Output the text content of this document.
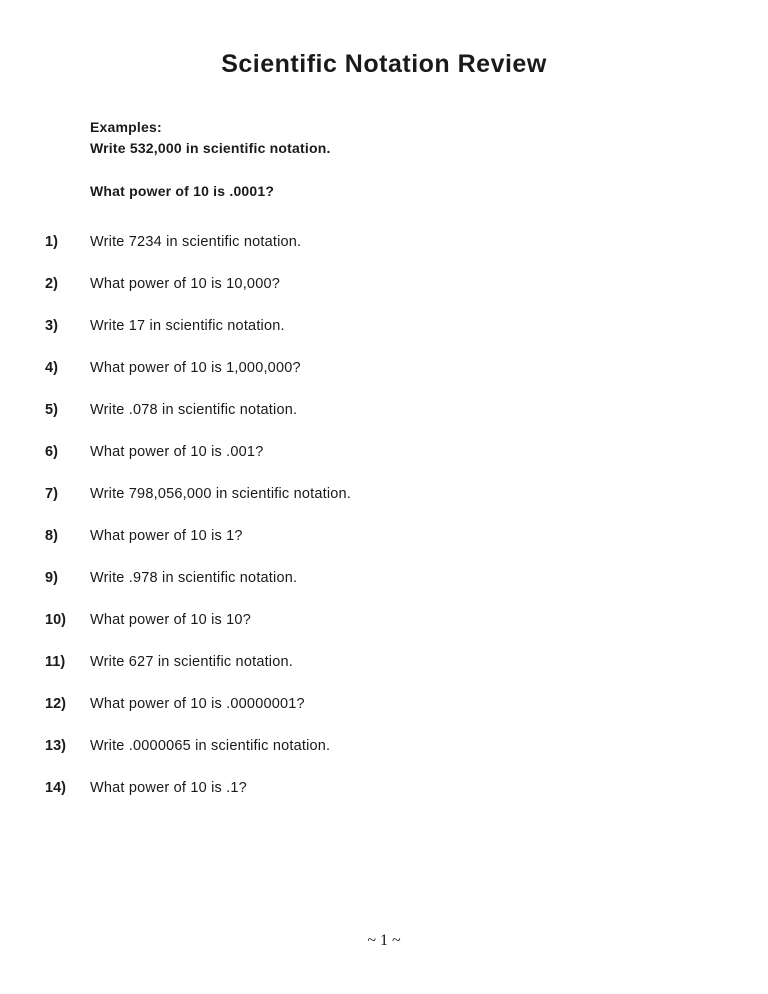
Scientific Notation Review
Examples:
Write 532,000 in scientific notation.
What power of 10 is .0001?
1)	Write 7234 in scientific notation.
2)	What power of 10 is 10,000?
3)	Write 17 in scientific notation.
4)	What power of 10 is 1,000,000?
5)	Write .078 in scientific notation.
6)	What power of 10 is .001?
7)	Write 798,056,000 in scientific notation.
8)	What power of 10 is 1?
9)	Write .978 in scientific notation.
10)	What power of 10 is 10?
11)	Write 627 in scientific notation.
12)	What power of 10 is .00000001?
13)	Write .0000065 in scientific notation.
14)	What power of 10 is .1?
~ 1 ~
